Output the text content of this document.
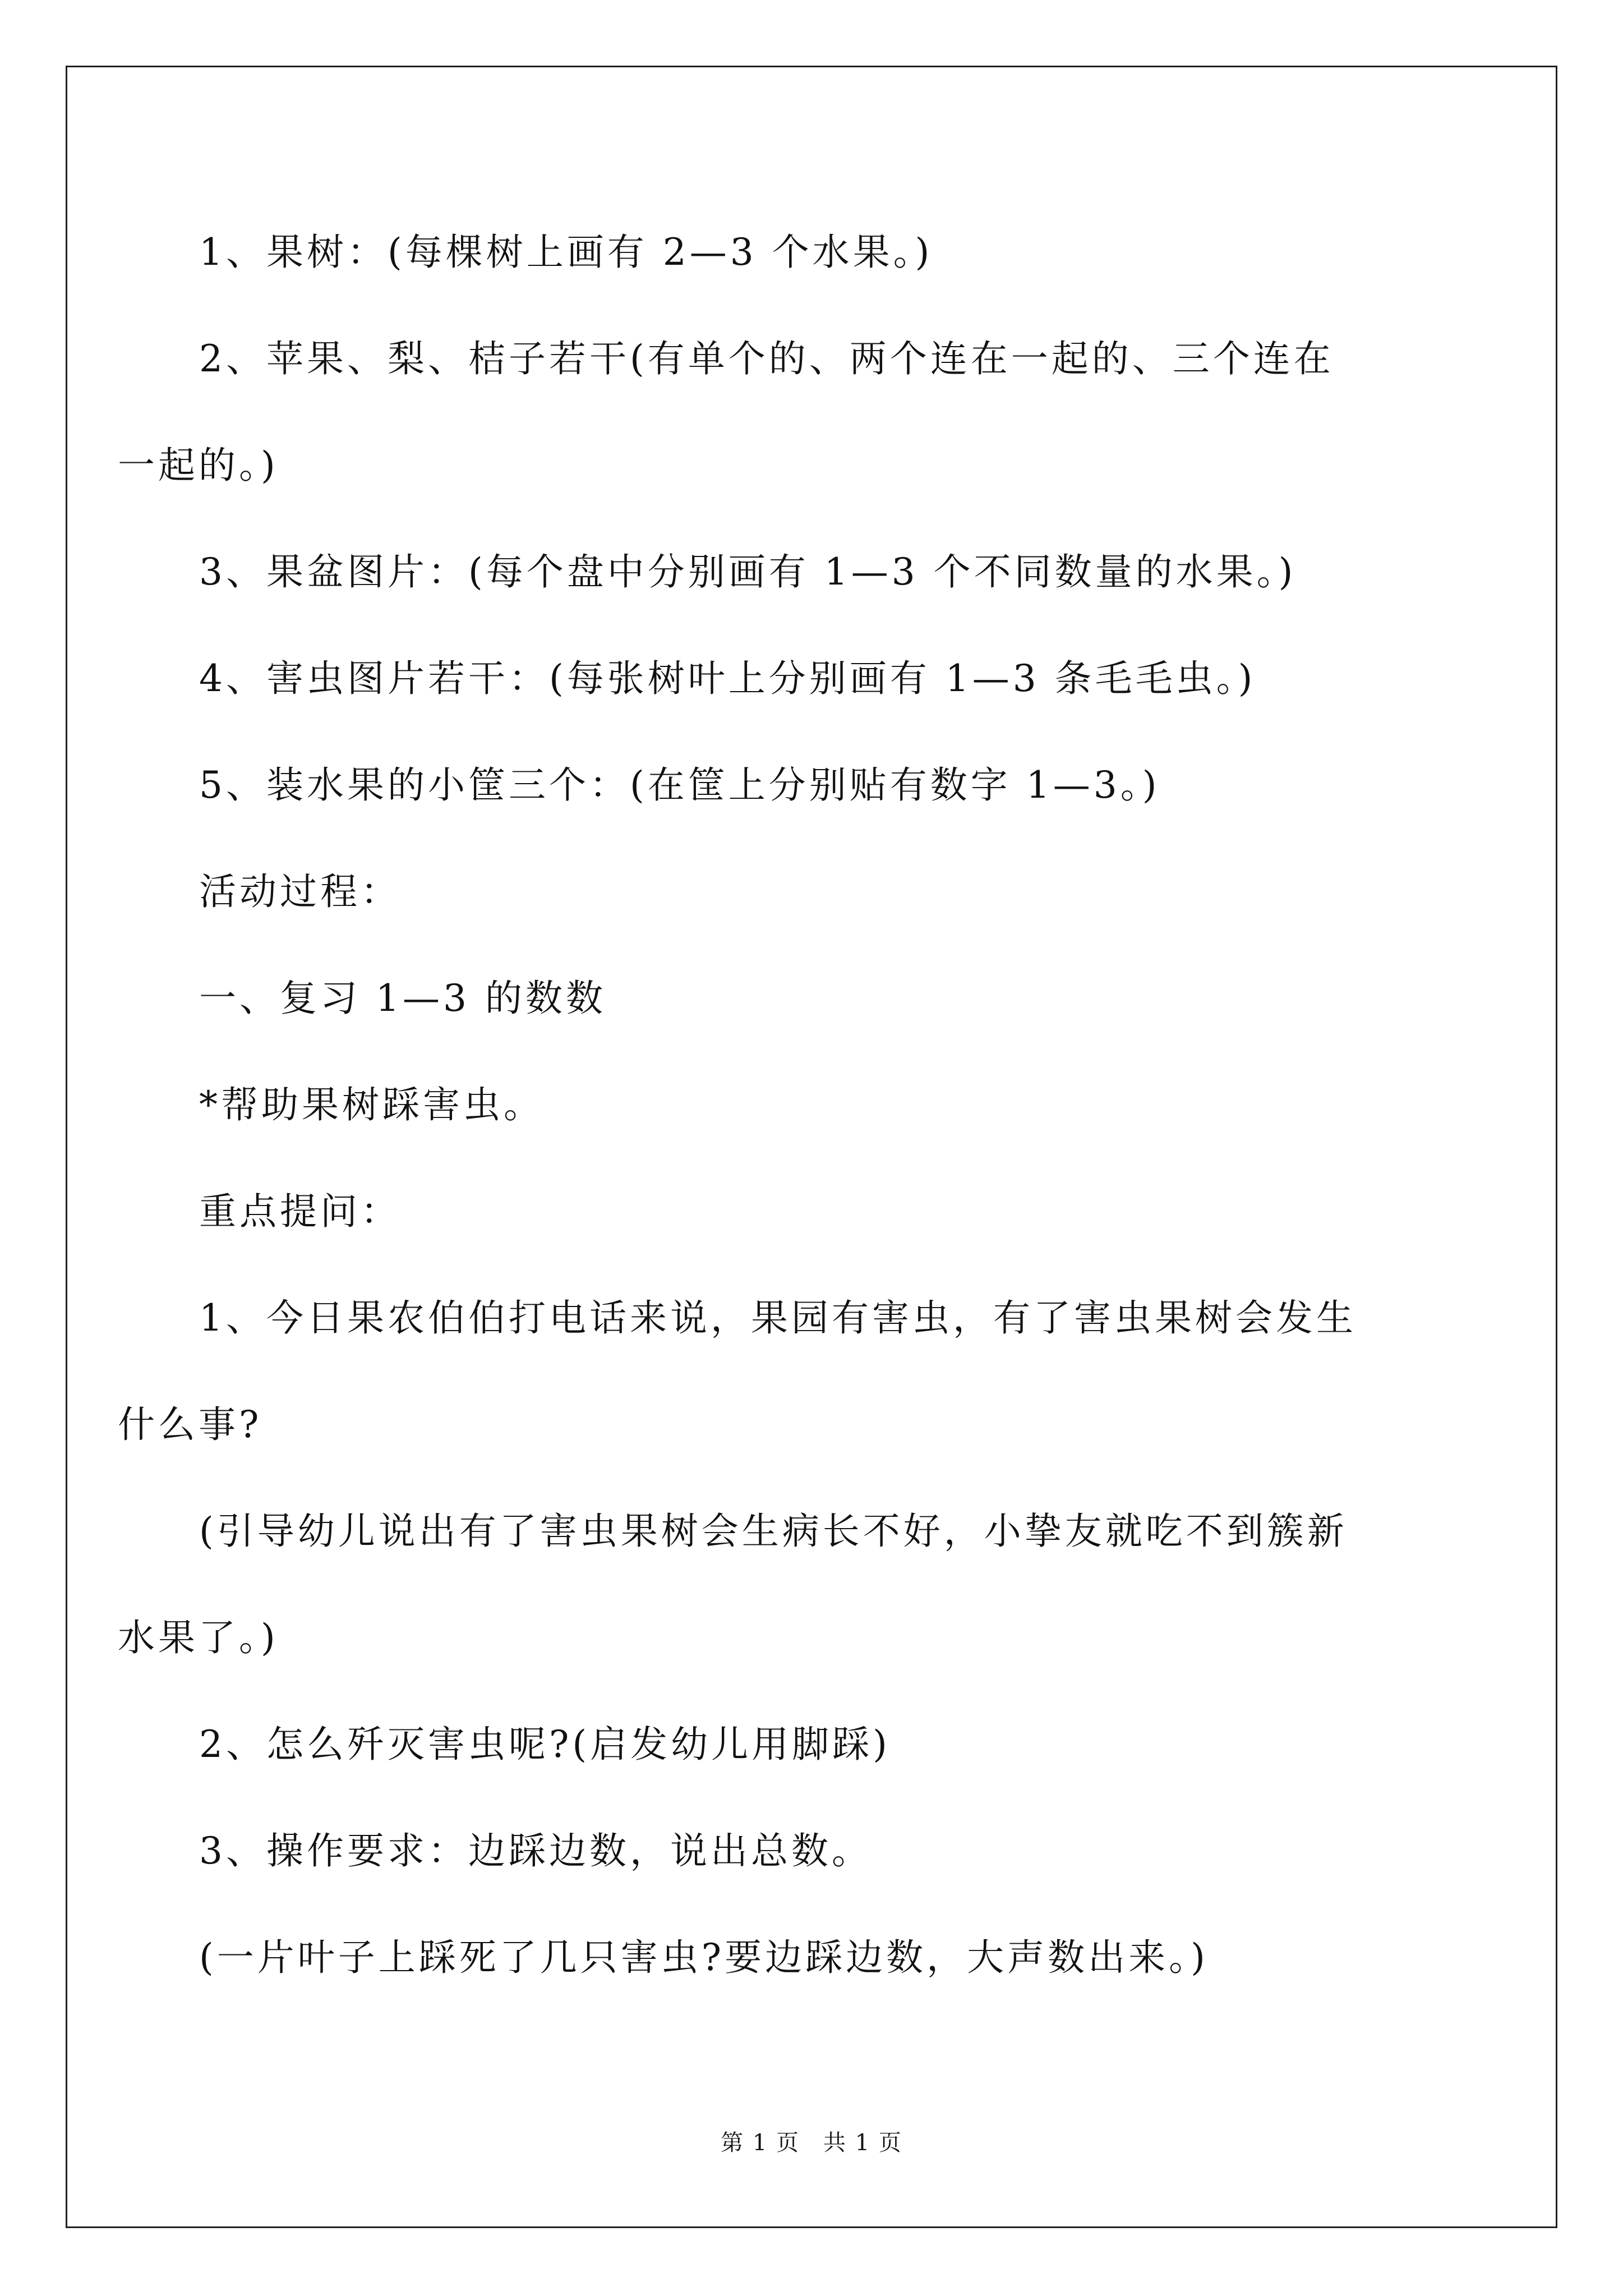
1、果树：(每棵树上画有 2—3 个水果。)
2、苹果、梨、桔子若干(有单个的、两个连在一起的、三个连在
一起的。)
3、果盆图片：(每个盘中分别画有 1—3 个不同数量的水果。)
4、害虫图片若干：(每张树叶上分别画有 1—3 条毛毛虫。)
5、装水果的小筐三个：(在筐上分别贴有数字 1—3。)
活动过程：
一、复习 1—3 的数数
*帮助果树踩害虫。
重点提问：
1、今日果农伯伯打电话来说，果园有害虫，有了害虫果树会发生
什么事?
(引导幼儿说出有了害虫果树会生病长不好，小挚友就吃不到簇新
水果了。)
2、怎么歼灭害虫呢?(启发幼儿用脚踩)
3、操作要求：边踩边数，说出总数。
(一片叶子上踩死了几只害虫?要边踩边数，大声数出来。)
第 1 页　共 1 页
